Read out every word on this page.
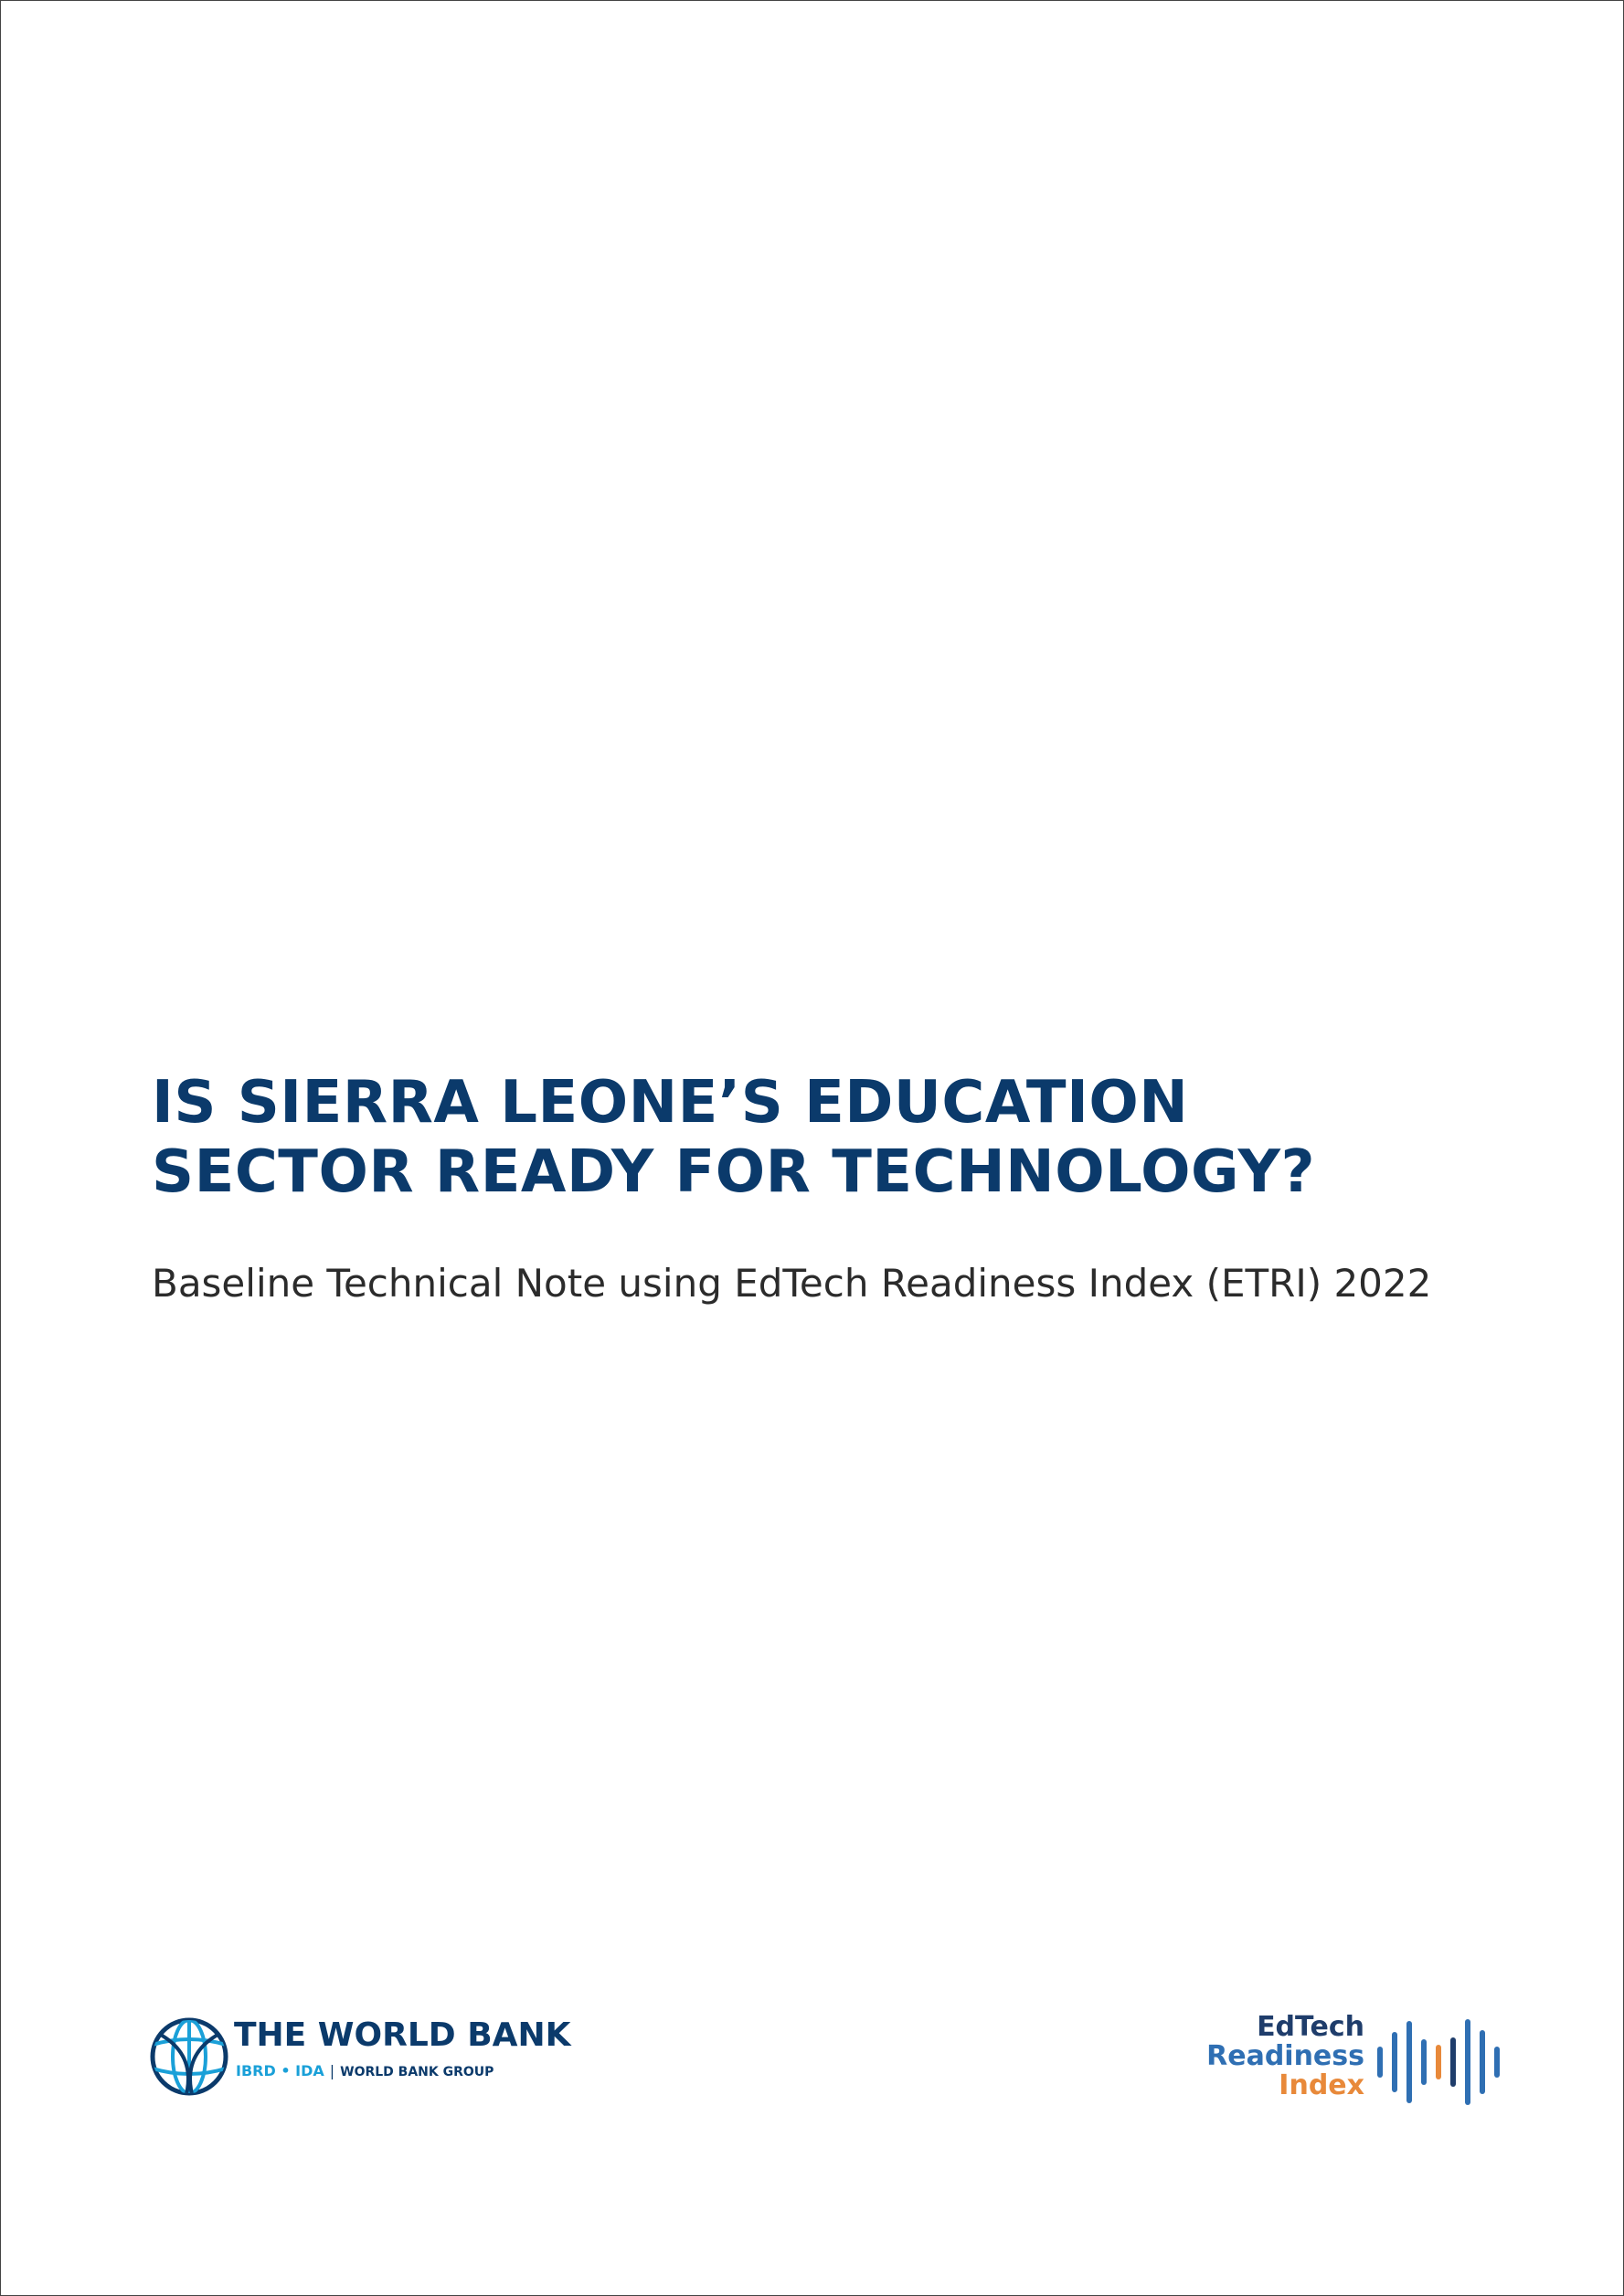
IS SIERRA LEONE’S EDUCATION
SECTOR READY FOR TECHNOLOGY?
Baseline Technical Note using EdTech Readiness Index (ETRI) 2022
THE WORLD BANK
IBRD • IDA | WORLD BANK GROUP
EdTech
Readiness
Index
